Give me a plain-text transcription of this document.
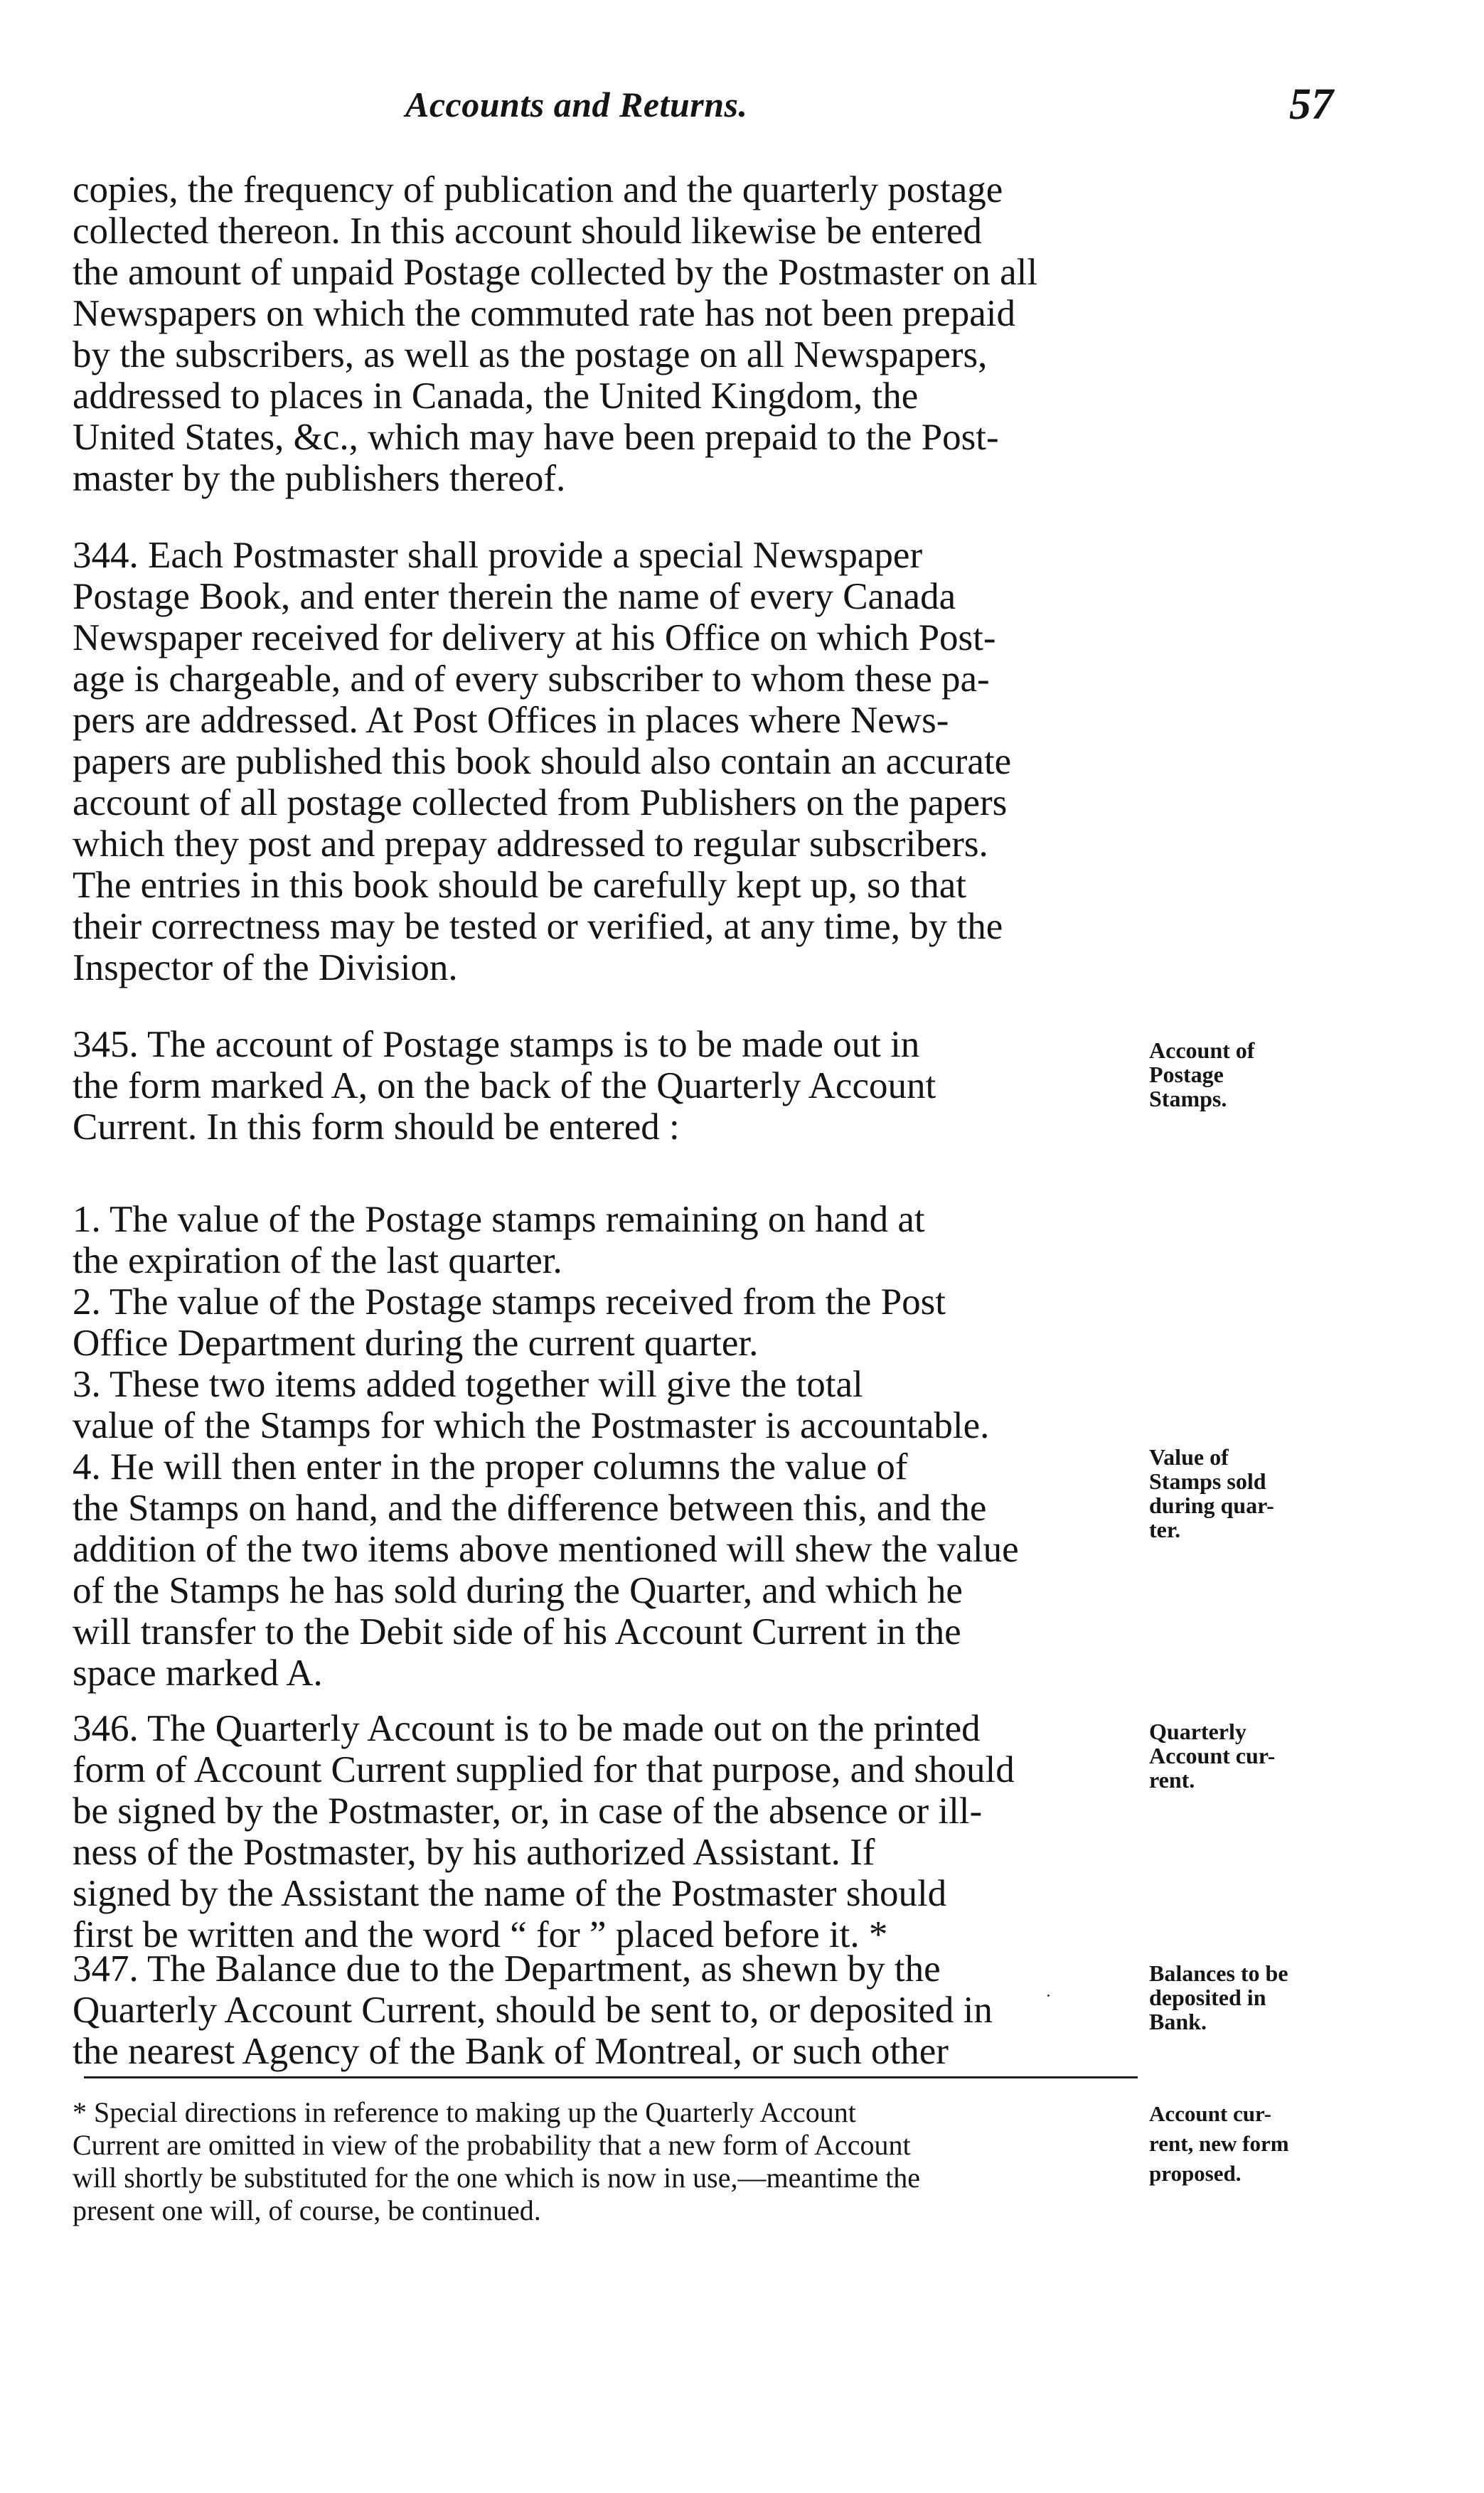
Accounts and Returns.	57

copies, the frequency of publication and the quarterly postage
collected thereon. In this account should likewise be entered
the amount of unpaid Postage collected by the Postmaster on all
Newspapers on which the commuted rate has not been prepaid
by the subscribers, as well as the postage on all Newspapers,
addressed to places in Canada, the United Kingdom, the
United States, &c., which may have been prepaid to the Post-
master by the publishers thereof.

344. Each Postmaster shall provide a special Newspaper
Postage Book, and enter therein the name of every Canada
Newspaper received for delivery at his Office on which Post-
age is chargeable, and of every subscriber to whom these pa-
pers are addressed. At Post Offices in places where News-
papers are published this book should also contain an accurate
account of all postage collected from Publishers on the papers
which they post and prepay addressed to regular subscribers.
The entries in this book should be carefully kept up, so that
their correctness may be tested or verified, at any time, by the
Inspector of the Division.

345. The account of Postage stamps is to be made out in
the form marked A, on the back of the Quarterly Account
Current. In this form should be entered :

Account of
Postage
Stamps.

1. The value of the Postage stamps remaining on hand at
the expiration of the last quarter.
2. The value of the Postage stamps received from the Post
Office Department during the current quarter.
3. These two items added together will give the total
value of the Stamps for which the Postmaster is accountable.
4. He will then enter in the proper columns the value of
the Stamps on hand, and the difference between this, and the
addition of the two items above mentioned will shew the value
of the Stamps he has sold during the Quarter, and which he
will transfer to the Debit side of his Account Current in the
space marked A.

Value of
Stamps sold
during quar-
ter.

346. The Quarterly Account is to be made out on the printed
form of Account Current supplied for that purpose, and should
be signed by the Postmaster, or, in case of the absence or ill-
ness of the Postmaster, by his authorized Assistant. If
signed by the Assistant the name of the Postmaster should
first be written and the word “ for ” placed before it. *

Quarterly
Account cur-
rent.
·

347. The Balance due to the Department, as shewn by the
Quarterly Account Current, should be sent to, or deposited in
the nearest Agency of the Bank of Montreal, or such other

Balances to be
deposited in
Bank.

* Special directions in reference to making up the Quarterly Account
Current are omitted in view of the probability that a new form of Account
will shortly be substituted for the one which is now in use,—meantime the
present one will, of course, be continued.

Account cur-
rent, new form
proposed.
